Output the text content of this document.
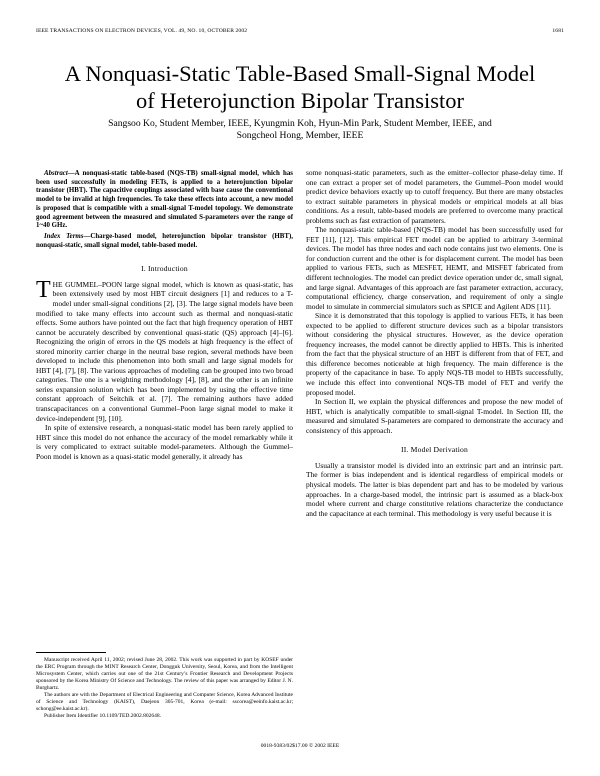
IEEE TRANSACTIONS ON ELECTRON DEVICES, VOL. 49, NO. 10, OCTOBER 2002	1681
A Nonquasi-Static Table-Based Small-Signal Model
of Heterojunction Bipolar Transistor
Sangsoo Ko, Student Member, IEEE, Kyungmin Koh, Hyun-Min Park, Student Member, IEEE, and
Songcheol Hong, Member, IEEE

Abstract—A nonquasi-static table-based (NQS-TB) small-signal model, which has been used successfully in modeling FETs, is applied to a heterojunction bipolar transistor (HBT). The capacitive couplings associated with base cause the conventional model to be invalid at high frequencies. To take these effects into account, a new model is proposed that is compatible with a small-signal T-model topology. We demonstrate good agreement between the measured and simulated S-parameters over the range of 1~40 GHz.

Index Terms—Charge-based model, heterojunction bipolar transistor (HBT), nonquasi-static, small signal model, table-based model.

I. Introduction

THE GUMMEL–POON large signal model, which is known as quasi-static, has been extensively used by most HBT circuit designers [1] and reduces to a T-model under small-signal conditions [2], [3]. The large signal models have been modified to take many effects into account such as thermal and nonquasi-static effects. Some authors have pointed out the fact that high frequency operation of HBT cannot be accurately described by conventional quasi-static (QS) approach [4]–[6]. Recognizing the origin of errors in the QS models at high frequency is the effect of stored minority carrier charge in the neutral base region, several methods have been developed to include this phenomenon into both small and large signal models for HBT [4], [7], [8]. The various approaches of modeling can be grouped into two broad categories. The one is a weighting methodology [4], [8], and the other is an infinite series expansion solution which has been implemented by using the effective time constant approach of Seitchik et al. [7]. The remaining authors have added transcapacitances on a conventional Gummel–Poon large signal model to make it device-independent [9], [10].

In spite of extensive research, a nonquasi-static model has been rarely applied to HBT since this model do not enhance the accuracy of the model remarkably while it is very complicated to extract suitable model-parameters. Although the Gummel–Poon model is known as a quasi-static model generally, it already has

Manuscript received April 11, 2002; revised June 28, 2002. This work was supported in part by KOSEF under the ERC Program through the MINT Research Center, Dongguk University, Seoul, Korea, and from the Intelligent Microsystem Center, which carries out one of the 21st Century’s Frontier Research and Development Projects sponsored by the Korea Ministry Of Science and Technology. The review of this paper was arranged by Editor J. N. Burghartz.

The authors are with the Department of Electrical Engineering and Computer Science, Korea Advanced Institute of Science and Technology (KAIST), Daejeon 305-701, Korea (e-mail: sscorea@eeinfo.kaist.ac.kr; schong@ee.kaist.ac.kr).

Publisher Item Identifier 10.1109/TED.2002.802648.

some nonquasi-static parameters, such as the emitter–collector phase-delay time. If one can extract a proper set of model parameters, the Gummel–Poon model would predict device behaviors exactly up to cutoff frequency. But there are many obstacles to extract suitable parameters in physical models or empirical models at all bias conditions. As a result, table-based models are preferred to overcome many practical problems such as fast extraction of parameters.

The nonquasi-static table-based (NQS-TB) model has been successfully used for FET [11], [12]. This empirical FET model can be applied to arbitrary 3-terminal devices. The model has three nodes and each node contains just two elements. One is for conduction current and the other is for displacement current. The model has been applied to various FETs, such as MESFET, HEMT, and MISFET fabricated from different technologies. The model can predict device operation under dc, small signal, and large signal. Advantages of this approach are fast parameter extraction, accuracy, computational efficiency, charge conservation, and requirement of only a single model to simulate in commercial simulators such as SPICE and Agilent ADS [11].

Since it is demonstrated that this topology is applied to various FETs, it has been expected to be applied to different structure devices such as a bipolar transistors without considering the physical structures. However, as the device operation frequency increases, the model cannot be directly applied to HBTs. This is inherited from the fact that the physical structure of an HBT is different from that of FET, and this difference becomes noticeable at high frequency. The main difference is the property of the capacitance in base. To apply NQS-TB model to HBTs successfully, we include this effect into conventional NQS-TB model of FET and verify the proposed model.

In Section II, we explain the physical differences and propose the new model of HBT, which is analytically compatible to small-signal T-model. In Section III, the measured and simulated S-parameters are compared to demonstrate the accuracy and consistency of this approach.

II. Model Derivation

Usually a transistor model is divided into an extrinsic part and an intrinsic part. The former is bias independent and is identical regardless of empirical models or physical models. The latter is bias dependent part and has to be modeled by various approaches. In a charge-based model, the intrinsic part is assumed as a black-box model where current and charge constitutive relations characterize the conductance and the capacitance at each terminal. This methodology is very useful because it is

0018-9383/02$17.00 © 2002 IEEE
